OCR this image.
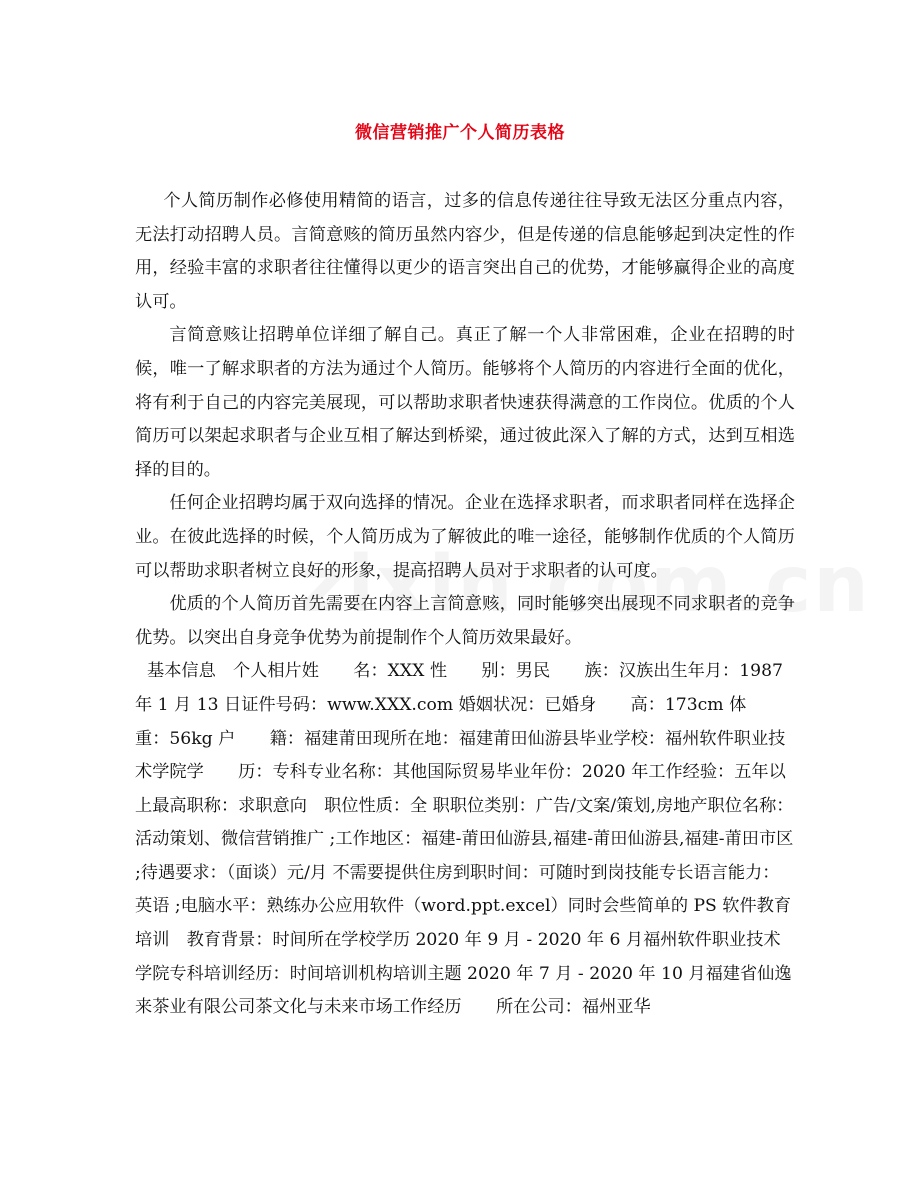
微信营销推广个人简历表格

个人简历制作必修使用精简的语言，过多的信息传递往往导致无法区分重点内容，无法打动招聘人员。言简意赅的简历虽然内容少，但是传递的信息能够起到决定性的作用，经验丰富的求职者往往懂得以更少的语言突出自己的优势，才能够赢得企业的高度认可。

言简意赅让招聘单位详细了解自己。真正了解一个人非常困难，企业在招聘的时候，唯一了解求职者的方法为通过个人简历。能够将个人简历的内容进行全面的优化，将有利于自己的内容完美展现，可以帮助求职者快速获得满意的工作岗位。优质的个人简历可以架起求职者与企业互相了解达到桥梁，通过彼此深入了解的方式，达到互相选择的目的。

任何企业招聘均属于双向选择的情况。企业在选择求职者，而求职者同样在选择企业。在彼此选择的时候，个人简历成为了解彼此的唯一途径，能够制作优质的个人简历可以帮助求职者树立良好的形象，提高招聘人员对于求职者的认可度。

优质的个人简历首先需要在内容上言简意赅，同时能够突出展现不同求职者的竞争优势。以突出自身竞争优势为前提制作个人简历效果最好。

基本信息　个人相片姓　　名：XXX 性　　别：男民　　族：汉族出生年月：1987 年 1 月 13 日证件号码：www.XXX.com 婚姻状况：已婚身　　高：173cm 体　　重：56kg 户　　籍：福建莆田现所在地：福建莆田仙游县毕业学校：福州软件职业技术学院学　　历：专科专业名称：其他国际贸易毕业年份：2020 年工作经验：五年以上最高职称：求职意向　职位性质：全 职职位类别：广告/文案/策划,房地产职位名称：活动策划、微信营销推广 ;工作地区：福建-莆田仙游县,福建-莆田仙游县,福建-莆田市区 ;待遇要求：（面谈）元/月 不需要提供住房到职时间：可随时到岗技能专长语言能力：英语 ;电脑水平：熟练办公应用软件（word.ppt.excel）同时会些简单的 PS 软件教育培训　教育背景：时间所在学校学历 2020 年 9 月 - 2020 年 6 月福州软件职业技术学院专科培训经历：时间培训机构培训主题 2020 年 7 月 - 2020 年 10 月福建省仙逸来茶业有限公司茶文化与未来市场工作经历　　所在公司：福州亚华
